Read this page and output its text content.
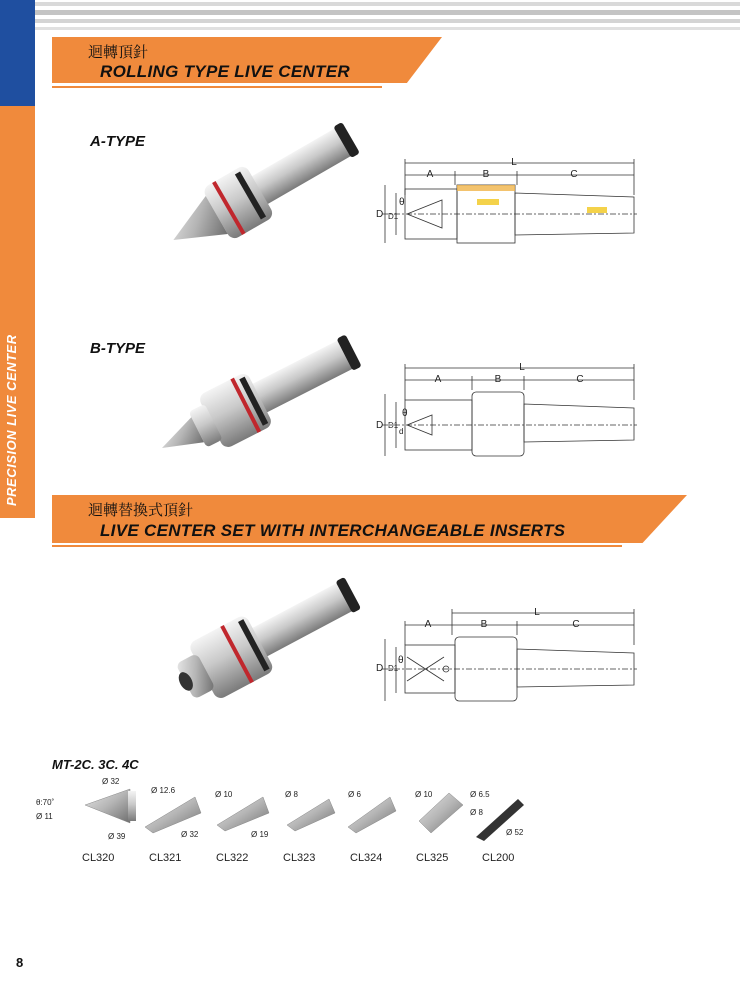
PRECISION LIVE CENTER
迴轉頂針
ROLLING TYPE LIVE CENTER
A-TYPE
L
A	B	C
D D1
θ
B-TYPE
L
A	B	C
D D1
d
θ
迴轉替換式頂針
LIVE CENTER SET WITH INTERCHANGEABLE INSERTS
L
A	B	C
D D1
θ
MT-2C. 3C. 4C
θ:70˚
Ø 32
Ø 11
Ø 39
Ø 12.6
Ø 32
Ø 10
Ø 19
Ø 8	Ø 6	Ø 10	Ø 6.5
Ø 8
Ø 52
CL320	CL321	CL322	CL323	CL324	CL325	CL200
8
